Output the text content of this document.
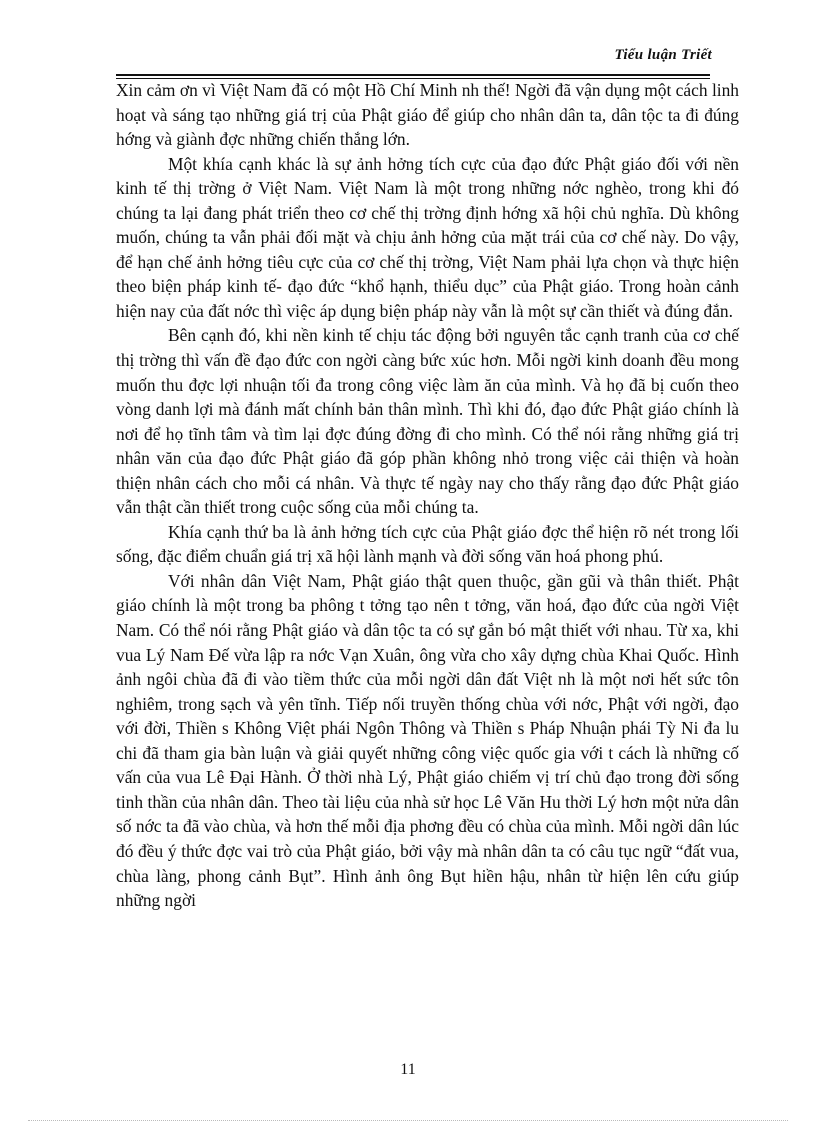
Tiểu luận Triết

Xin cảm ơn vì Việt Nam đã có một Hồ Chí Minh nh thế! Ngời đã vận dụng một cách linh hoạt và sáng tạo những giá trị của Phật giáo để giúp cho nhân dân ta, dân tộc ta đi đúng hớng và giành đợc những chiến thắng lớn.

Một khía cạnh khác là sự ảnh hởng tích cực của đạo đức Phật giáo đối với nền kinh tế thị trờng ở Việt Nam. Việt Nam là một trong những nớc nghèo, trong khi đó chúng ta lại đang phát triển theo cơ chế thị trờng định hớng xã hội chủ nghĩa. Dù không muốn, chúng ta vẫn phải đối mặt và chịu ảnh hởng của mặt trái của cơ chế này. Do vậy, để hạn chế ảnh hởng tiêu cực của cơ chế thị trờng, Việt Nam phải lựa chọn và thực hiện theo biện pháp kinh tế- đạo đức “khổ hạnh, thiểu dục” của Phật giáo. Trong hoàn cảnh hiện nay của đất nớc thì việc áp dụng biện pháp này vẫn là một sự cần thiết và đúng đắn.

Bên cạnh đó, khi nền kinh tế chịu tác động bởi nguyên tắc cạnh tranh của cơ chế thị trờng thì vấn đề đạo đức con ngời càng bức xúc hơn. Mỗi ngời kinh doanh đều mong muốn thu đợc lợi nhuận tối đa trong công việc làm ăn của mình. Và họ đã bị cuốn theo vòng danh lợi mà đánh mất chính bản thân mình. Thì khi đó, đạo đức Phật giáo chính là nơi để họ tĩnh tâm và tìm lại đợc đúng đờng đi cho mình. Có thể nói rằng những giá trị nhân văn của đạo đức Phật giáo đã góp phần không nhỏ trong việc cải thiện và hoàn thiện nhân cách cho mỗi cá nhân. Và thực tế ngày nay cho thấy rằng đạo đức Phật giáo vẫn thật cần thiết trong cuộc sống của mỗi chúng ta.

Khía cạnh thứ ba là ảnh hởng tích cực của Phật giáo đợc thể hiện rõ nét trong lối sống, đặc điểm chuẩn giá trị xã hội lành mạnh và đời sống văn hoá phong phú.

Với nhân dân Việt Nam, Phật giáo thật quen thuộc, gần gũi và thân thiết. Phật giáo chính là một trong ba phông t tởng tạo nên t tởng, văn hoá, đạo đức của ngời Việt Nam. Có thể nói rằng Phật giáo và dân tộc ta có sự gắn bó mật thiết với nhau. Từ xa, khi vua Lý Nam Đế vừa lập ra nớc Vạn Xuân, ông vừa cho xây dựng chùa Khai Quốc. Hình ảnh ngôi chùa đã đi vào tiềm thức của mỗi ngời dân đất Việt nh là một nơi hết sức tôn nghiêm, trong sạch và yên tĩnh. Tiếp nối truyền thống chùa với nớc, Phật với ngời, đạo với đời, Thiền s Không Việt phái Ngôn Thông và Thiền s Pháp Nhuận phái Tỳ Ni đa lu chi đã tham gia bàn luận và giải quyết những công việc quốc gia với t cách là những cố vấn của vua Lê Đại Hành. Ở thời nhà Lý, Phật giáo chiếm vị trí chủ đạo trong đời sống tinh thần của nhân dân. Theo tài liệu của nhà sử học Lê Văn Hu thời Lý hơn một nửa dân số nớc ta đã vào chùa, và hơn thế mỗi địa phơng đều có chùa của mình. Mỗi ngời dân lúc đó đều ý thức đợc vai trò của Phật giáo, bởi vậy mà nhân dân ta có câu tục ngữ “đất vua, chùa làng, phong cảnh Bụt”. Hình ảnh ông Bụt hiền hậu, nhân từ hiện lên cứu giúp những ngời

11
